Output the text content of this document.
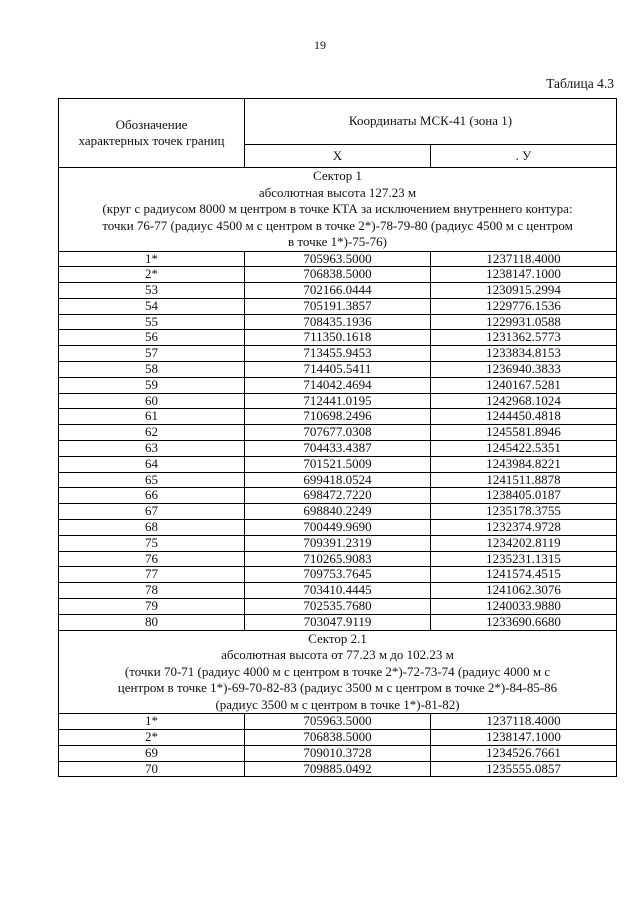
19
Таблица 4.3
Обозначение
характерных точек границ	Координаты МСК-41 (зона 1)	
	X	. У

Сектор 1
абсолютная высота 127.23 м
(круг с радиусом 8000 м центром в точке КТА за исключением внутреннего контура:
точки 76-77 (радиус 4500 м с центром в точке 2*)-78-79-80 (радиус 4500 м с центром
в точке 1*)-75-76)		

1*	705963.5000	1237118.4000
2*	706838.5000	1238147.1000
53	702166.0444	1230915.2994
54	705191.3857	1229776.1536
55	708435.1936	1229931.0588
56	711350.1618	1231362.5773
57	713455.9453	1233834.8153
58	714405.5411	1236940.3833
59	714042.4694	1240167.5281
60	712441.0195	1242968.1024
61	710698.2496	1244450.4818
62	707677.0308	1245581.8946
63	704433.4387	1245422.5351
64	701521.5009	1243984.8221
65	699418.0524	1241511.8878
66	698472.7220	1238405.0187
67	698840.2249	1235178.3755
68	700449.9690	1232374.9728
75	709391.2319	1234202.8119
76	710265.9083	1235231.1315
77	709753.7645	1241574.4515
78	703410.4445	1241062.3076
79	702535.7680	1240033.9880
80	703047.9119	1233690.6680

Сектор 2.1
абсолютная высота от 77.23 м до 102.23 м
(точки 70-71 (радиус 4000 м с центром в точке 2*)-72-73-74 (радиус 4000 м с
центром в точке 1*)-69-70-82-83 (радиус 3500 м с центром в точке 2*)-84-85-86
(радиус 3500 м с центром в точке 1*)-81-82)		

1*	705963.5000	1237118.4000
2*	706838.5000	1238147.1000
69	709010.3728	1234526.7661
70	709885.0492	1235555.0857
